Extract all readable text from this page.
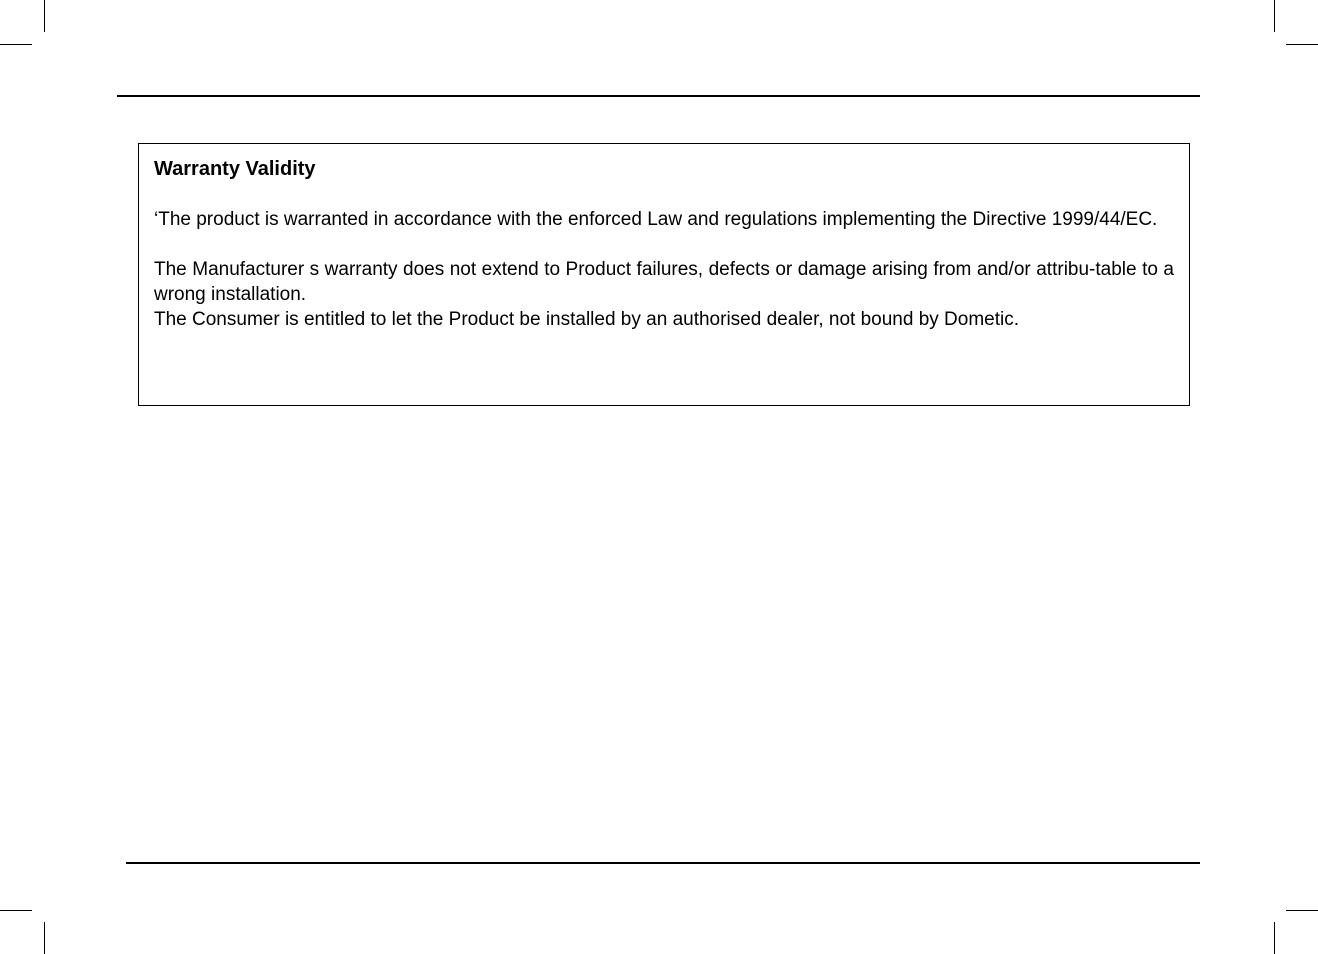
Warranty Validity

‘The product is warranted in accordance with the enforced Law and regulations implementing the Directive 1999/44/EC.

The Manufacturer s warranty does not extend to Product failures, defects or damage arising from and/or attribu-table to a wrong installation.

The Consumer is entitled to let the Product be installed by an authorised dealer, not bound by Dometic.
